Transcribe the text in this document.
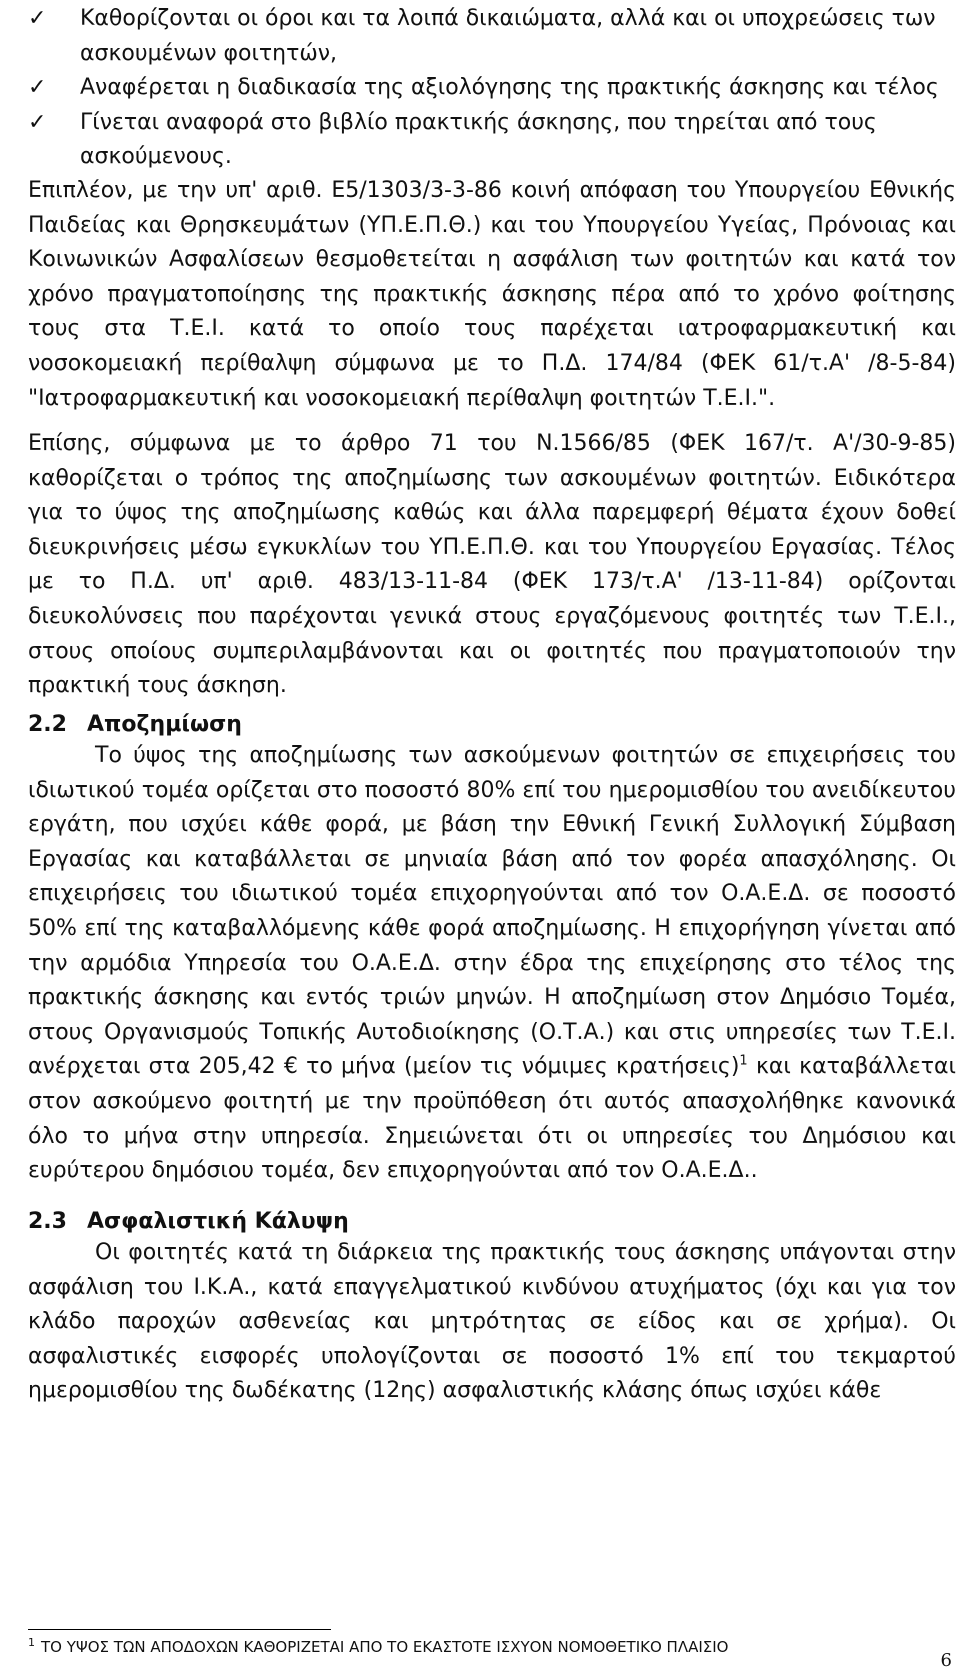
✓	Καθορίζονται οι όροι και τα λοιπά δικαιώματα, αλλά και οι υποχρεώσεις των ασκουμένων φοιτητών,
✓	Αναφέρεται η διαδικασία της αξιολόγησης της πρακτικής άσκησης και τέλος
✓	Γίνεται αναφορά στο βιβλίο πρακτικής άσκησης, που τηρείται από τους ασκούμενους.

Επιπλέον, με την υπ' αριθ. Ε5/1303/3-3-86 κοινή απόφαση του Υπουργείου Εθνικής Παιδείας και Θρησκευμάτων (ΥΠ.Ε.Π.Θ.) και του Υπουργείου Υγείας, Πρόνοιας και Κοινωνικών Ασφαλίσεων θεσμοθετείται η ασφάλιση των φοιτητών και κατά τον χρόνο πραγματοποίησης της πρακτικής άσκησης πέρα από το χρόνο φοίτησης τους στα Τ.Ε.Ι. κατά το οποίο τους παρέχεται ιατροφαρμακευτική και νοσοκομειακή περίθαλψη σύμφωνα με το Π.Δ. 174/84 (ΦΕΚ 61/τ.Α' /8-5-84) "Ιατροφαρμακευτική και νοσοκομειακή περίθαλψη φοιτητών Τ.Ε.Ι.".

Επίσης, σύμφωνα με το άρθρο 71 του Ν.1566/85 (ΦΕΚ 167/τ. Α'/30-9-85) καθορίζεται ο τρόπος της αποζημίωσης των ασκουμένων φοιτητών. Ειδικότερα για το ύψος της αποζημίωσης καθώς και άλλα παρεμφερή θέματα έχουν δοθεί διευκρινήσεις μέσω εγκυκλίων του ΥΠ.Ε.Π.Θ. και του Υπουργείου Εργασίας. Τέλος με το Π.Δ. υπ' αριθ. 483/13-11-84 (ΦΕΚ 173/τ.Α' /13-11-84) ορίζονται διευκολύνσεις που παρέχονται γενικά στους εργαζόμενους φοιτητές των Τ.Ε.Ι., στους οποίους συμπεριλαμβάνονται και οι φοιτητές που πραγματοποιούν την πρακτική τους άσκηση.

2.2 Αποζημίωση

Το ύψος της αποζημίωσης των ασκούμενων φοιτητών σε επιχειρήσεις του ιδιωτικού τομέα ορίζεται στο ποσοστό 80% επί του ημερομισθίου του ανειδίκευτου εργάτη, που ισχύει κάθε φορά, με βάση την Εθνική Γενική Συλλογική Σύμβαση Εργασίας και καταβάλλεται σε μηνιαία βάση από τον φορέα απασχόλησης. Οι επιχειρήσεις του ιδιωτικού τομέα επιχορηγούνται από τον Ο.Α.Ε.Δ. σε ποσοστό 50% επί της καταβαλλόμενης κάθε φορά αποζημίωσης. Η επιχορήγηση γίνεται από την αρμόδια Υπηρεσία του Ο.Α.Ε.Δ. στην έδρα της επιχείρησης στο τέλος της πρακτικής άσκησης και εντός τριών μηνών. Η αποζημίωση στον Δημόσιο Τομέα, στους Οργανισμούς Τοπικής Αυτοδιοίκησης (Ο.Τ.Α.) και στις υπηρεσίες των Τ.Ε.Ι. ανέρχεται στα 205,42 € το μήνα (μείον τις νόμιμες κρατήσεις)$^1$ και καταβάλλεται στον ασκούμενο φοιτητή με την προϋπόθεση ότι αυτός απασχολήθηκε κανονικά όλο το μήνα στην υπηρεσία. Σημειώνεται ότι οι υπηρεσίες του Δημόσιου και ευρύτερου δημόσιου τομέα, δεν επιχορηγούνται από τον Ο.Α.Ε.Δ..

2.3 Ασφαλιστική Κάλυψη

Οι φοιτητές κατά τη διάρκεια της πρακτικής τους άσκησης υπάγονται στην ασφάλιση του Ι.Κ.Α., κατά επαγγελματικού κινδύνου ατυχήματος (όχι και για τον κλάδο παροχών ασθενείας και μητρότητας σε είδος και σε χρήμα). Οι ασφαλιστικές εισφορές υπολογίζονται σε ποσοστό 1% επί του τεκμαρτού ημερομισθίου της δωδέκατης (12ης) ασφαλιστικής κλάσης όπως ισχύει κάθε

$^1$ ΤΟ ΥΨΟΣ ΤΩΝ ΑΠΟΔΟΧΩΝ ΚΑΘΟΡΙΖΕΤΑΙ ΑΠΟ ΤΟ ΕΚΑΣΤΟΤΕ ΙΣΧΥΟΝ ΝΟΜΟΘΕΤΙΚΟ ΠΛΑΙΣΙΟ
6
